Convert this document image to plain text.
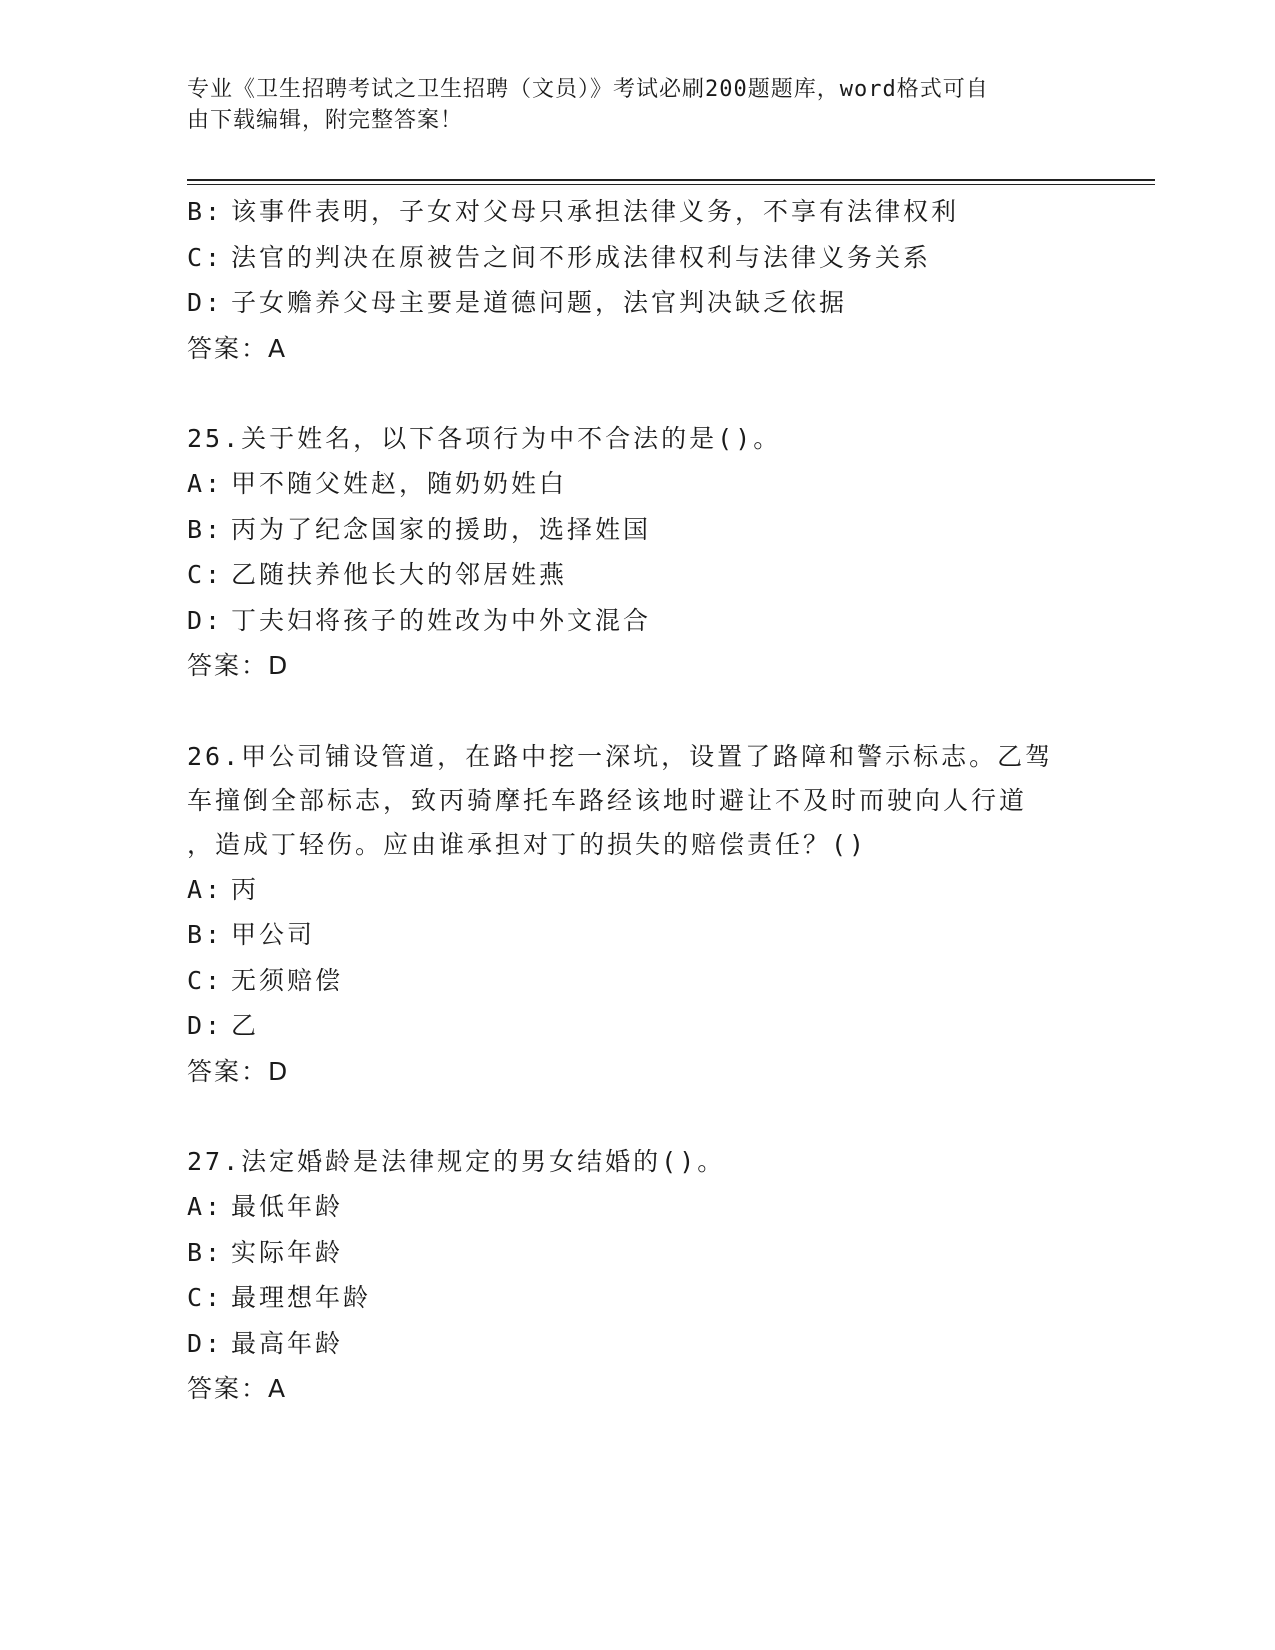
专业《卫生招聘考试之卫生招聘（文员）》考试必刷200题题库，word格式可自
由下载编辑，附完整答案！
B: 该事件表明，子女对父母只承担法律义务，不享有法律权利
C: 法官的判决在原被告之间不形成法律权利与法律义务关系
D: 子女赡养父母主要是道德问题，法官判决缺乏依据
答案：A
25.关于姓名，以下各项行为中不合法的是()。
A: 甲不随父姓赵，随奶奶姓白
B: 丙为了纪念国家的援助，选择姓国
C: 乙随扶养他长大的邻居姓燕
D: 丁夫妇将孩子的姓改为中外文混合
答案：D
26.甲公司铺设管道，在路中挖一深坑，设置了路障和警示标志。乙驾
车撞倒全部标志，致丙骑摩托车路经该地时避让不及时而驶向人行道
，造成丁轻伤。应由谁承担对丁的损失的赔偿责任？()
A: 丙
B: 甲公司
C: 无须赔偿
D: 乙
答案：D
27.法定婚龄是法律规定的男女结婚的()。
A: 最低年龄
B: 实际年龄
C: 最理想年龄
D: 最高年龄
答案：A
